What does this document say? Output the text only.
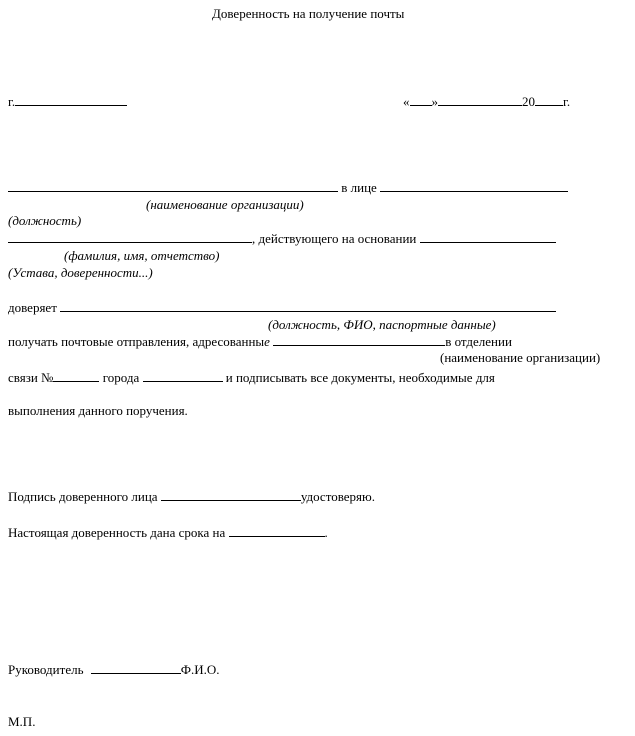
Доверенность на получение почты
г.	« »	20 г.
в лице
(наименование организации)
(должность)
, действующего на основании
(фамилия, имя, отчетство)
(Устава, доверенности...)
доверяет
(должность, ФИО, паспортные данные)
получать почтовые отправления, адресованные	в отделении
(наименование организации)
связи №	города	и подписывать все документы, необходимые для
выполнения данного поручения.
Подпись доверенного лица	удостоверяю.
Настоящая доверенность дана срока на	.
Руководитель	Ф.И.О.
М.П.
